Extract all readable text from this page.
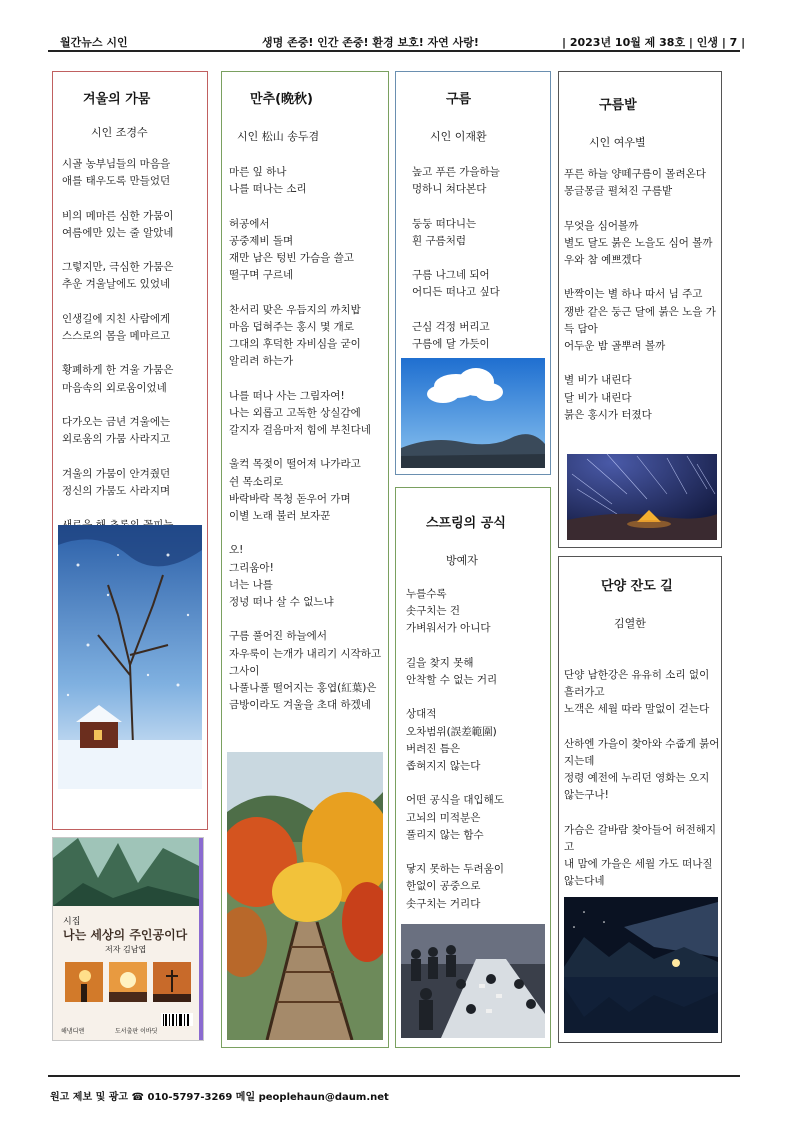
월간뉴스 시인	생명 존중! 인간 존중! 환경 보호! 자연 사랑!	| 2023년 10월 제 38호 | 인생 | 7 |
겨울의 가뭄
시인 조경수
시골 농부님들의 마음을
애를 태우도록 만들었던
비의 메마른 심한 가뭄이
여름에만 있는 줄 알았네
그렇지만, 극심한 가뭄은
추운 겨울날에도 있었네
인생길에 지친 사람에게
스스로의 몸을 메마르고
황폐하게 한 겨울 가뭄은
마음속의 외로움이었네
다가오는 금년 겨울에는
외로움의 가뭄 사라지고
겨울의 가뭄이 안겨줬던
정신의 가뭄도 사라지며
만추(晩秋)
시인 松山 송두겸
마른 잎 하나
나를 떠나는 소리
허공에서
공중제비 돌며
재만 남은 텅빈 가슴을 쓸고
떨구며 구르네
찬서리 맞은 우듬지의 까치밥
마음 덥혀주는 홍시 몇 개로
그대의 후덕한 자비심을 굳이
알리려 하는가
나를 떠나 사는 그림자여!
나는 외롭고 고독한 상실감에
갈지자 걸음마저 힘에 부친다네
울컥 목젖이 떨어져 나가라고
쉰 목소리로
바락바락 목청 돋우어 가며
이별 노래 불러 보자꾼
오!
그리움아!
너는 나를
정녕 떠나 살 수 없느냐
구름 풀어진 하늘에서
자우룩이 는개가 내리기 시작하고
그사이
나풀나풀 떨어지는 홍엽(紅葉)은
금방이라도 겨울을 초대 하겠네
구름
시인 이재환
높고 푸른 가을하늘
멍하니 쳐다본다
둥둥 떠다니는
흰 구름처럼
구름 나그네 되어
어디든 떠나고 싶다
근심 걱정 버리고
구름에 달 가듯이
스프링의 공식
방예자
누를수록
솟구치는 건
가벼워서가 아니다
길을 찾지 못해
안착할 수 없는 거리
상대적
오차범위(誤差範圍)
버려진 틈은
좁혀지지 않는다
어떤 공식을 대입해도
고뇌의 미적분은
풀리지 않는 함수
닿지 못하는 두려움이
한없이 공중으로
솟구치는 거리다
구름밭
시인 여우별
푸른 하늘 양떼구름이 몰려온다
몽글몽글 펼쳐진 구름밭
무엇을 심어볼까
별도 달도 붉은 노을도 심어 볼까
우와 참 예쁘겠다
반짝이는 별 하나 따서 님 주고
쟁반 같은 둥근 달에 붉은 노을 가득 담아
어두운 밤 골뿌려 볼까
별 비가 내린다
달 비가 내린다
붉은 홍시가 터졌다
단양 잔도 길
김열한
단양 남한강은 유유히 소리 없이 흘러가고
노객은 세월 따라 말없이 걷는다
산하엔 가을이 찾아와 수줍게 붉어지는데
정령 예전에 누리던 영화는 오지 않는구나!
가슴은 갈바람 찾아들어 허전해지고
내 맘에 가을은 세월 가도 떠나질 않는다네
시집
나는 세상의 주인공이다
저자 김남엽
해냄디앤	도서출판 이바딧
원고 제보 및 광고 ☎ 010-5797-3269 메일 peoplehaun@daum.net
